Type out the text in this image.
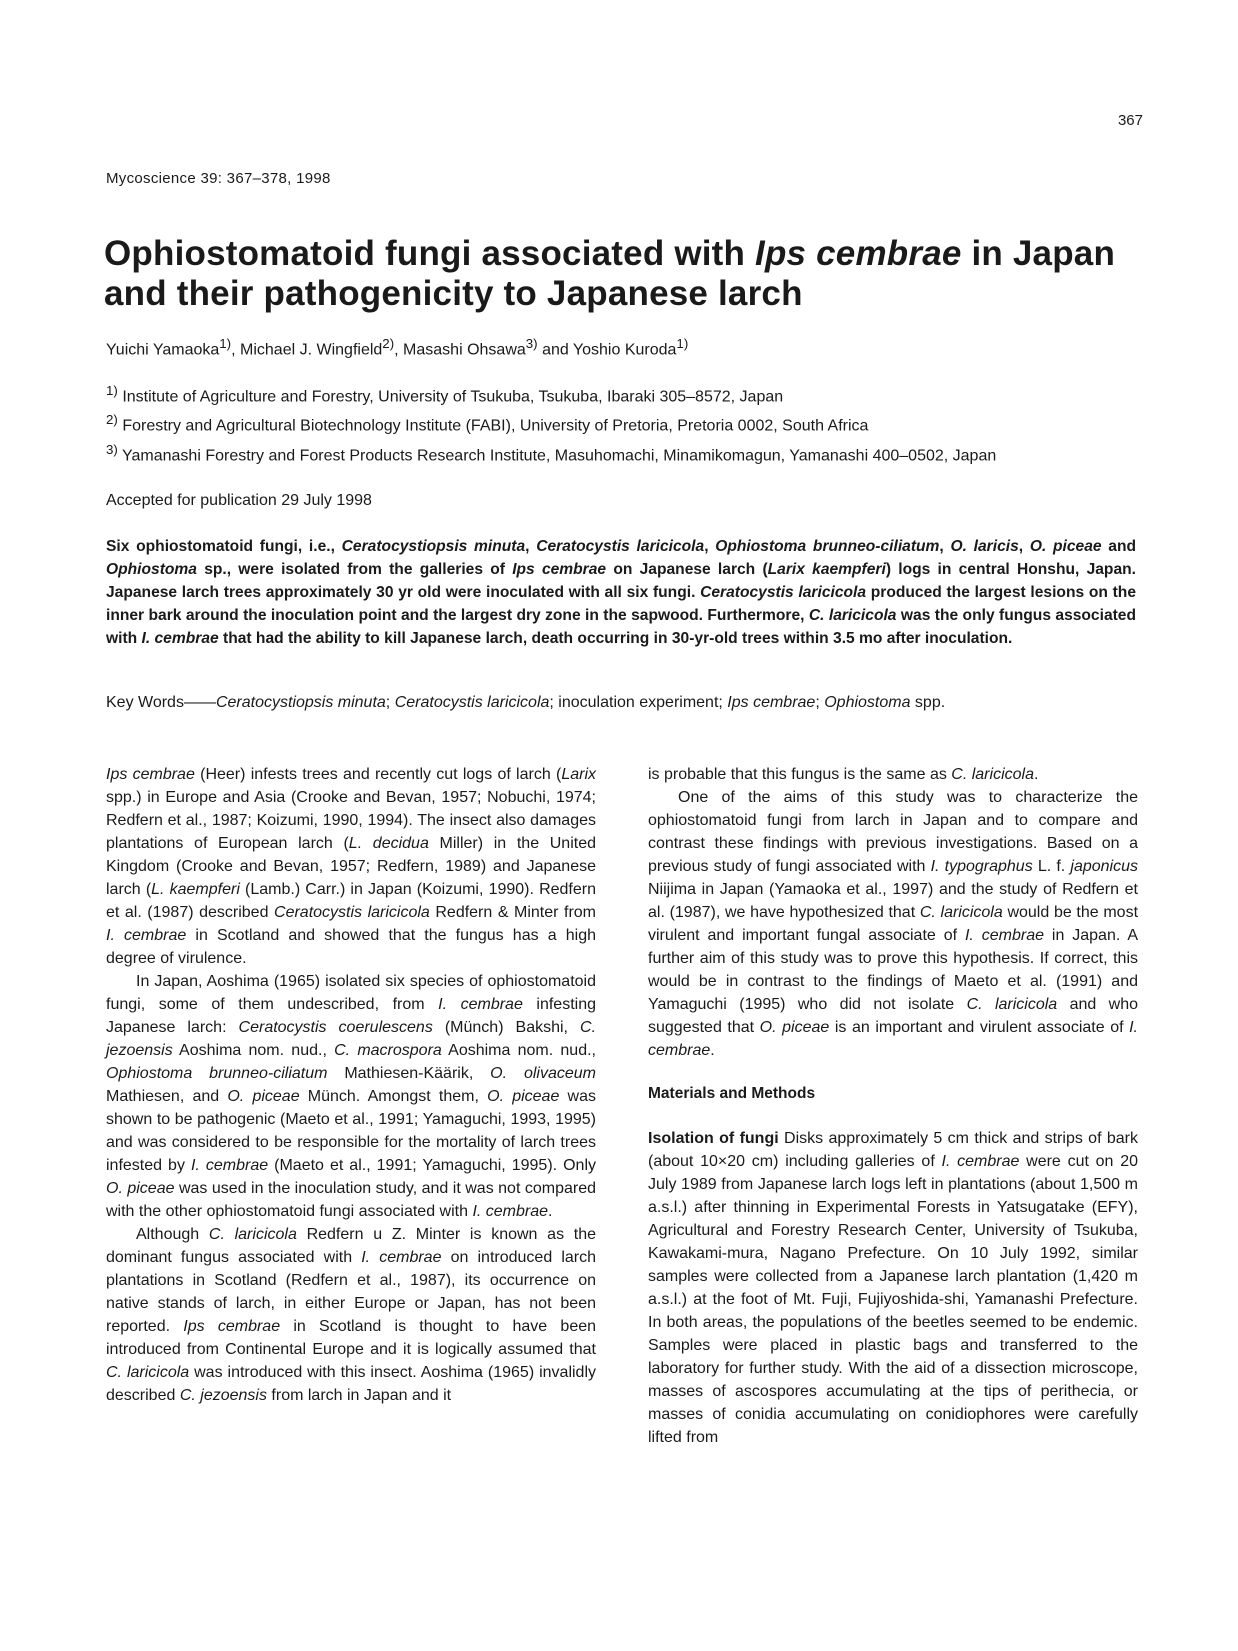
367
Mycoscience 39: 367–378, 1998
Ophiostomatoid fungi associated with Ips cembrae in Japan and their pathogenicity to Japanese larch
Yuichi Yamaoka$^{1)}$, Michael J. Wingfield$^{2)}$, Masashi Ohsawa$^{3)}$ and Yoshio Kuroda$^{1)}$
$^{1)}$ Institute of Agriculture and Forestry, University of Tsukuba, Tsukuba, Ibaraki 305–8572, Japan
$^{2)}$ Forestry and Agricultural Biotechnology Institute (FABI), University of Pretoria, Pretoria 0002, South Africa
$^{3)}$ Yamanashi Forestry and Forest Products Research Institute, Masuhomachi, Minamikomagun, Yamanashi 400–0502, Japan
Accepted for publication 29 July 1998

Six ophiostomatoid fungi, i.e., Ceratocystiopsis minuta, Ceratocystis laricicola, Ophiostoma brunneo-ciliatum, O. laricis, O. piceae and Ophiostoma sp., were isolated from the galleries of Ips cembrae on Japanese larch (Larix kaempferi) logs in central Honshu, Japan. Japanese larch trees approximately 30 yr old were inoculated with all six fungi. Ceratocystis laricicola produced the largest lesions on the inner bark around the inoculation point and the largest dry zone in the sapwood. Furthermore, C. laricicola was the only fungus associated with I. cembrae that had the ability to kill Japanese larch, death occurring in 30-yr-old trees within 3.5 mo after inoculation.

Key Words——Ceratocystiopsis minuta; Ceratocystis laricicola; inoculation experiment; Ips cembrae; Ophiostoma spp.

Ips cembrae (Heer) infests trees and recently cut logs of larch (Larix spp.) in Europe and Asia (Crooke and Bevan, 1957; Nobuchi, 1974; Redfern et al., 1987; Koizumi, 1990, 1994). The insect also damages plantations of European larch (L. decidua Miller) in the United Kingdom (Crooke and Bevan, 1957; Redfern, 1989) and Japanese larch (L. kaempferi (Lamb.) Carr.) in Japan (Koizumi, 1990). Redfern et al. (1987) described Ceratocystis laricicola Redfern & Minter from I. cembrae in Scotland and showed that the fungus has a high degree of virulence.

In Japan, Aoshima (1965) isolated six species of ophiostomatoid fungi, some of them undescribed, from I. cembrae infesting Japanese larch: Ceratocystis coerulescens (Münch) Bakshi, C. jezoensis Aoshima nom. nud., C. macrospora Aoshima nom. nud., Ophiostoma brunneo-ciliatum Mathiesen-Käärik, O. olivaceum Mathiesen, and O. piceae Münch. Amongst them, O. piceae was shown to be pathogenic (Maeto et al., 1991; Yamaguchi, 1993, 1995) and was considered to be responsible for the mortality of larch trees infested by I. cembrae (Maeto et al., 1991; Yamaguchi, 1995). Only O. piceae was used in the inoculation study, and it was not compared with the other ophiostomatoid fungi associated with I. cembrae.

Although C. laricicola Redfern u Z. Minter is known as the dominant fungus associated with I. cembrae on introduced larch plantations in Scotland (Redfern et al., 1987), its occurrence on native stands of larch, in either Europe or Japan, has not been reported. Ips cembrae in Scotland is thought to have been introduced from Continental Europe and it is logically assumed that C. laricicola was introduced with this insect. Aoshima (1965) invalidly described C. jezoensis from larch in Japan and it

is probable that this fungus is the same as C. laricicola.

One of the aims of this study was to characterize the ophiostomatoid fungi from larch in Japan and to compare and contrast these findings with previous investigations. Based on a previous study of fungi associated with I. typographus L. f. japonicus Niijima in Japan (Yamaoka et al., 1997) and the study of Redfern et al. (1987), we have hypothesized that C. laricicola would be the most virulent and important fungal associate of I. cembrae in Japan. A further aim of this study was to prove this hypothesis. If correct, this would be in contrast to the findings of Maeto et al. (1991) and Yamaguchi (1995) who did not isolate C. laricicola and who suggested that O. piceae is an important and virulent associate of I. cembrae.

Materials and Methods

Isolation of fungi Disks approximately 5 cm thick and strips of bark (about 10×20 cm) including galleries of I. cembrae were cut on 20 July 1989 from Japanese larch logs left in plantations (about 1,500 m a.s.l.) after thinning in Experimental Forests in Yatsugatake (EFY), Agricultural and Forestry Research Center, University of Tsukuba, Kawakami-mura, Nagano Prefecture. On 10 July 1992, similar samples were collected from a Japanese larch plantation (1,420 m a.s.l.) at the foot of Mt. Fuji, Fujiyoshida-shi, Yamanashi Prefecture. In both areas, the populations of the beetles seemed to be endemic. Samples were placed in plastic bags and transferred to the laboratory for further study. With the aid of a dissection microscope, masses of ascospores accumulating at the tips of perithecia, or masses of conidia accumulating on conidiophores were carefully lifted from
